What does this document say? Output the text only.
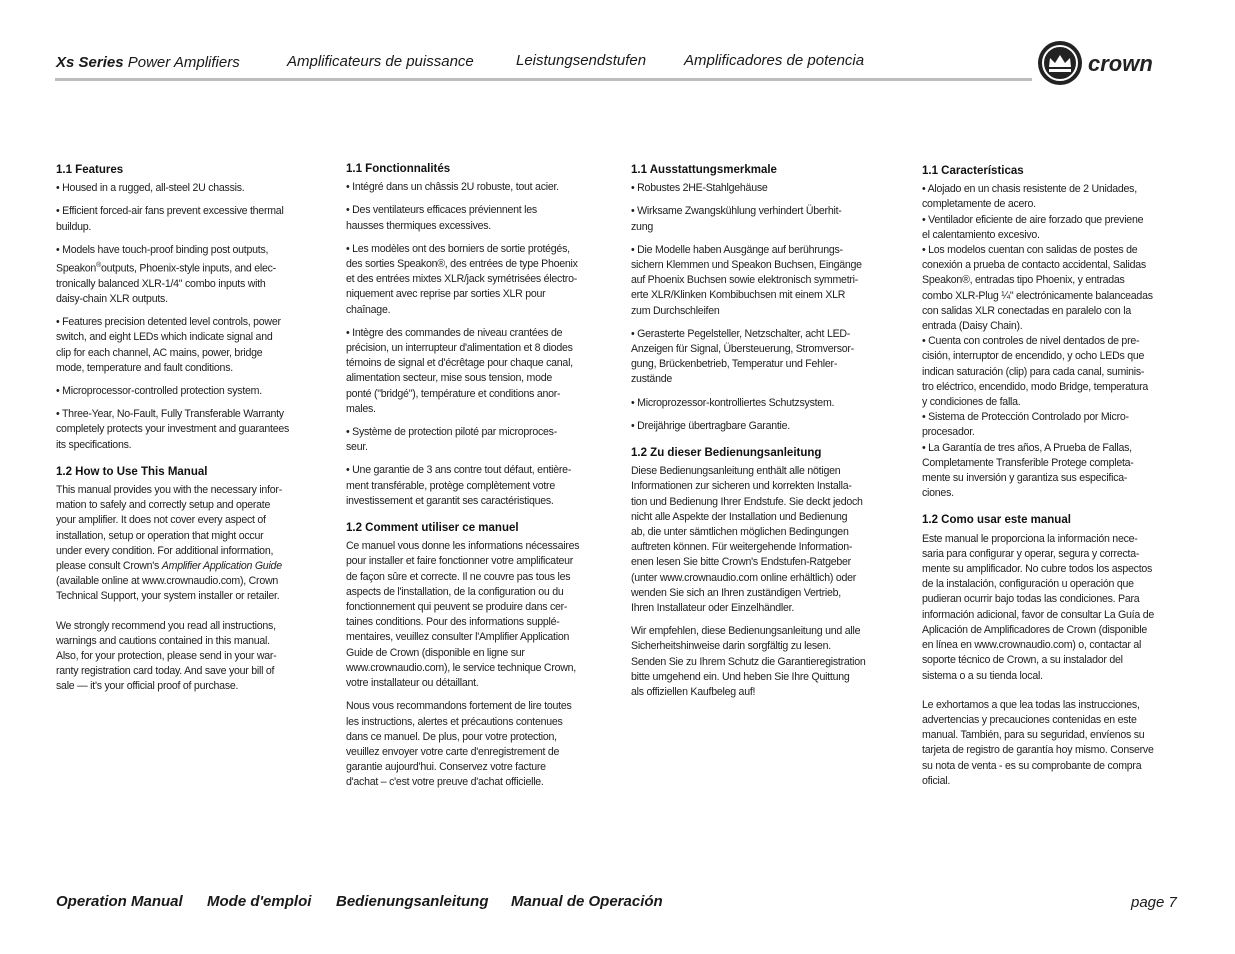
Xs Series Power Amplifiers	Amplificateurs de puissance	Leistungsendstufen	Amplificadores de potencia	crown
1.1 Features

• Housed in a rugged, all-steel 2U chassis.

• Efficient forced-air fans prevent excessive thermal
buildup.

• Models have touch-proof binding post outputs,
Speakon®outputs, Phoenix-style inputs, and elec-
tronically balanced XLR-1/4" combo inputs with
daisy-chain XLR outputs.

• Features precision detented level controls, power
switch, and eight LEDs which indicate signal and
clip for each channel, AC mains, power, bridge
mode, temperature and fault conditions.

• Microprocessor-controlled protection system.

• Three-Year, No-Fault, Fully Transferable Warranty
completely protects your investment and guarantees
its specifications.

1.2 How to Use This Manual

This manual provides you with the necessary infor-
mation to safely and correctly setup and operate
your amplifier. It does not cover every aspect of
installation, setup or operation that might occur
under every condition. For additional information,
please consult Crown's Amplifier Application Guide
(available online at www.crownaudio.com), Crown
Technical Support, your system installer or retailer.

We strongly recommend you read all instructions,
warnings and cautions contained in this manual.
Also, for your protection, please send in your war-
ranty registration card today. And save your bill of
sale — it's your official proof of purchase.

1.1 Fonctionnalités

• Intégré dans un châssis 2U robuste, tout acier.

• Des ventilateurs efficaces préviennent les
hausses thermiques excessives.

• Les modèles ont des borniers de sortie protégés,
des sorties Speakon®, des entrées de type Phoenix
et des entrées mixtes XLR/jack symétrisées électro-
niquement avec reprise par sorties XLR pour
chaînage.

• Intègre des commandes de niveau crantées de
précision, un interrupteur d'alimentation et 8 diodes
témoins de signal et d'écrêtage pour chaque canal,
alimentation secteur, mise sous tension, mode
ponté ("bridgé"), température et conditions anor-
males.

• Système de protection piloté par microproces-
seur.

• Une garantie de 3 ans contre tout défaut, entière-
ment transférable, protège complètement votre
investissement et garantit ses caractéristiques.

1.2 Comment utiliser ce manuel

Ce manuel vous donne les informations nécessaires
pour installer et faire fonctionner votre amplificateur
de façon sûre et correcte. Il ne couvre pas tous les
aspects de l'installation, de la configuration ou du
fonctionnement qui peuvent se produire dans cer-
taines conditions. Pour des informations supplé-
mentaires, veuillez consulter l'Amplifier Application
Guide de Crown (disponible en ligne sur
www.crownaudio.com), le service technique Crown,
votre installateur ou détaillant.

Nous vous recommandons fortement de lire toutes
les instructions, alertes et précautions contenues
dans ce manuel. De plus, pour votre protection,
veuillez envoyer votre carte d'enregistrement de
garantie aujourd'hui. Conservez votre facture
d'achat – c'est votre preuve d'achat officielle.

1.1 Ausstattungsmerkmale

• Robustes 2HE-Stahlgehäuse

• Wirksame Zwangskühlung verhindert Überhit-
zung

• Die Modelle haben Ausgänge auf berührungs-
sichern Klemmen und Speakon Buchsen, Eingänge
auf Phoenix Buchsen sowie elektronisch symmetri-
erte XLR/Klinken Kombibuchsen mit einem XLR
zum Durchschleifen

• Gerasterte Pegelsteller, Netzschalter, acht LED-
Anzeigen für Signal, Übersteuerung, Stromversor-
gung, Brückenbetrieb, Temperatur und Fehler-
zustände

• Microprozessor-kontrolliertes Schutzsystem.

• Dreijährige übertragbare Garantie.

1.2 Zu dieser Bedienungsanleitung

Diese Bedienungsanleitung enthält alle nötigen
Informationen zur sicheren und korrekten Installa-
tion und Bedienung Ihrer Endstufe. Sie deckt jedoch
nicht alle Aspekte der Installation und Bedienung
ab, die unter sämtlichen möglichen Bedingungen
auftreten können. Für weitergehende Information-
enen lesen Sie bitte Crown's Endstufen-Ratgeber
(unter www.crownaudio.com online erhältlich) oder
wenden Sie sich an Ihren zuständigen Vertrieb,
Ihren Installateur oder Einzelhändler.

Wir empfehlen, diese Bedienungsanleitung und alle
Sicherheitshinweise darin sorgfältig zu lesen.
Senden Sie zu Ihrem Schutz die Garantieregistration
bitte umgehend ein. Und heben Sie Ihre Quittung
als offiziellen Kaufbeleg auf!

1.1 Características

• Alojado en un chasis resistente de 2 Unidades,
completamente de acero.

• Ventilador eficiente de aire forzado que previene
el calentamiento excesivo.

• Los modelos cuentan con salidas de postes de
conexión a prueba de contacto accidental, Salidas
Speakon®, entradas tipo Phoenix, y entradas
combo XLR-Plug ¼" electrónicamente balanceadas
con salidas XLR conectadas en paralelo con la
entrada (Daisy Chain).

• Cuenta con controles de nivel dentados de pre-
cisión, interruptor de encendido, y ocho LEDs que
indican saturación (clip) para cada canal, suminis-
tro eléctrico, encendido, modo Bridge, temperatura
y condiciones de falla.

• Sistema de Protección Controlado por Micro-
procesador.

• La Garantía de tres años, A Prueba de Fallas,
Completamente Transferible Protege completa-
mente su inversión y garantiza sus especifica-
ciones.

1.2 Como usar este manual

Este manual le proporciona la información nece-
saria para configurar y operar, segura y correcta-
mente su amplificador. No cubre todos los aspectos
de la instalación, configuración u operación que
pudieran ocurrir bajo todas las condiciones. Para
información adicional, favor de consultar La Guía de
Aplicación de Amplificadores de Crown (disponible
en línea en www.crownaudio.com) o, contactar al
soporte técnico de Crown, a su instalador del
sistema o a su tienda local.

Le exhortamos a que lea todas las instrucciones,
advertencias y precauciones contenidas en este
manual. También, para su seguridad, envíenos su
tarjeta de registro de garantía hoy mismo. Conserve
su nota de venta - es su comprobante de compra
oficial.

Operation Manual Mode d'emploi Bedienungsanleitung Manual de Operación	page 7
